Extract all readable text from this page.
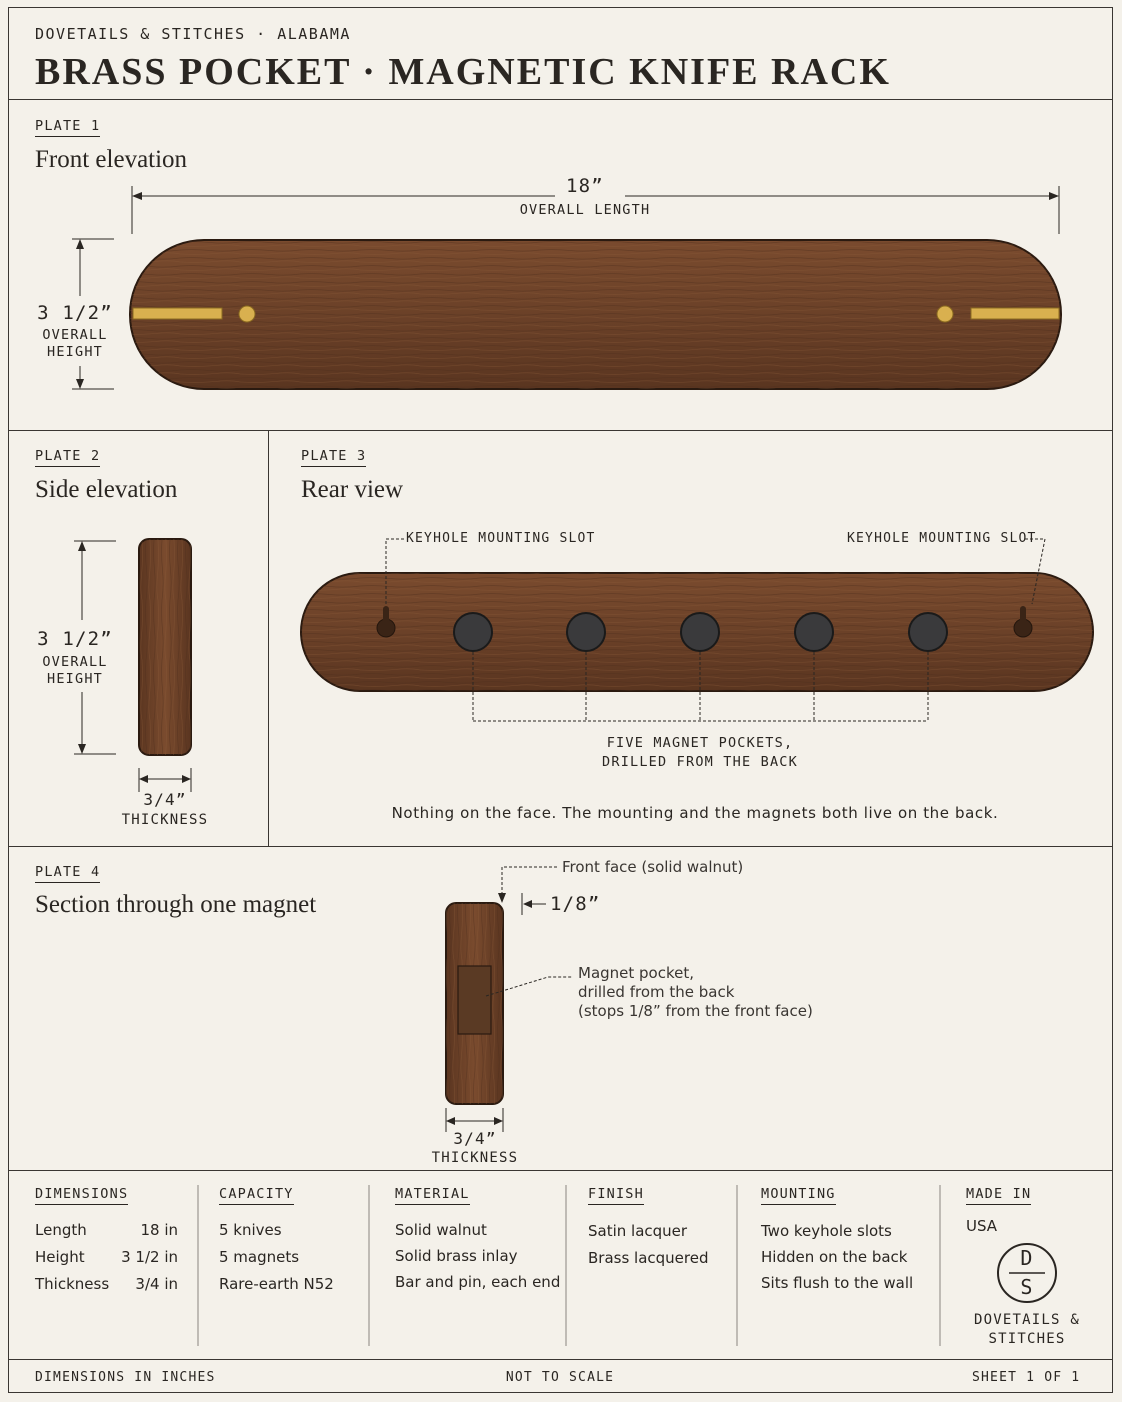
DOVETAILS & STITCHES · ALABAMA
BRASS POCKET · MAGNETIC KNIFE RACK
PLATE 1
Front elevation
18”
OVERALL LENGTH
3 1/2”
OVERALL
HEIGHT
PLATE 2
Side elevation
3 1/2”
OVERALL
HEIGHT
3/4”
THICKNESS
PLATE 3
Rear view
KEYHOLE MOUNTING SLOT	KEYHOLE MOUNTING SLOT
FIVE MAGNET POCKETS,
DRILLED FROM THE BACK
Nothing on the face. The mounting and the magnets both live on the back.
PLATE 4
Section through one magnet
Front face (solid walnut)
1/8”
Magnet pocket,
drilled from the back
(stops 1/8” from the front face)
3/4”
THICKNESS
DIMENSIONS
Length	18 in
Height	3 1/2 in
Thickness	3/4 in
CAPACITY
5 knives
5 magnets
Rare-earth N52
MATERIAL
Solid walnut
Solid brass inlay
Bar and pin, each end
FINISH
Satin lacquer
Brass lacquered
MOUNTING
Two keyhole slots
Hidden on the back
Sits flush to the wall
MADE IN
USA
D
S
DOVETAILS &
STITCHES
DIMENSIONS IN INCHES	NOT TO SCALE	SHEET 1 OF 1
